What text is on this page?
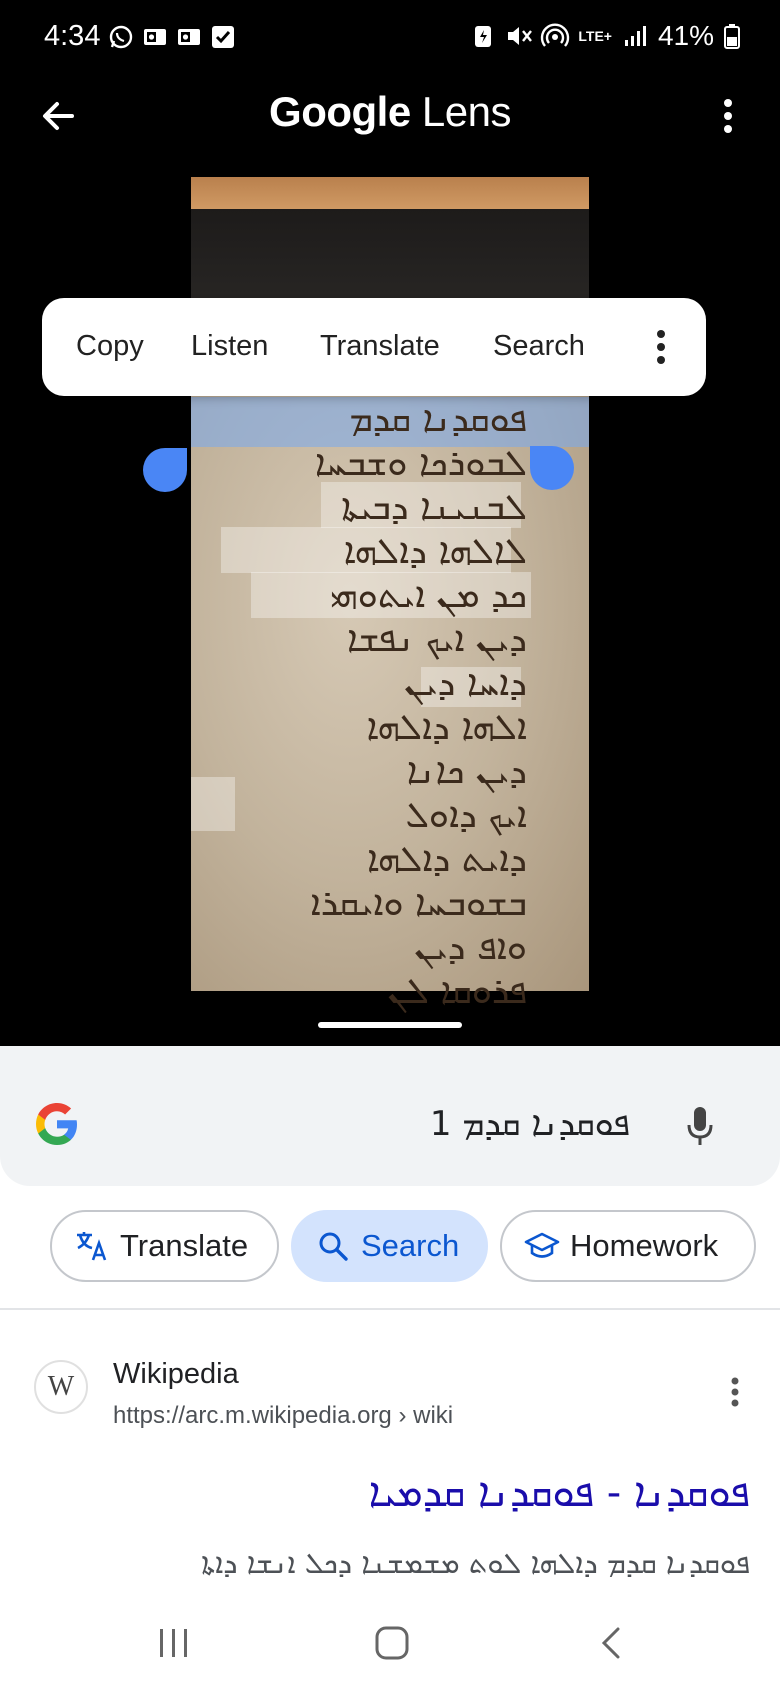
4:34	LTE+ 41%
Google Lens
ܦܘܩܕܢܐ ܩܕܡ
ܠܒܘܪܟܐ ܘܫܒܚܐ
ܠܒܢܝܢܐ ܕܒܝܬܐ
ܠܐܠܗܐ ܕܐܠܗܐ
ܟܕ ܡܢ ܐܝܬܘܗܝ
ܕܝܢ ܐܝܟ ܢܦܫܐ
ܕܐܚܐ ܕܝܢ
ܐܠܗܐ ܕܐܠܗܐ
ܕܝܢ ܟܐܢܐ
ܐܝܟ ܕܐܘܠ
ܕܐܝܬ ܕܐܠܗܐ
ܒܫܘܒܚܐ ܘܐܝܩܪܐ
ܘܐܦ ܕܝܢ
ܦܪܘܩܐ ܠܢ
Copy Listen Translate Search
ܦܘܩܕܢܐ ܩܕܡ 1
Translate	Search	Homework
W	Wikipedia
https://arc.m.wikipedia.org › wiki
ܦܘܩܕܢܐ - ܦܘܩܕܢܐ ܩܕܡܝܐ
ܦܘܩܕܢܐ ܩܕܡ ܕܐܠܗܐ ܠܘܬ ܡܫܡܫܢܐ ܕܟܠ ܐܢܫܐ ܕܐܬܐ
